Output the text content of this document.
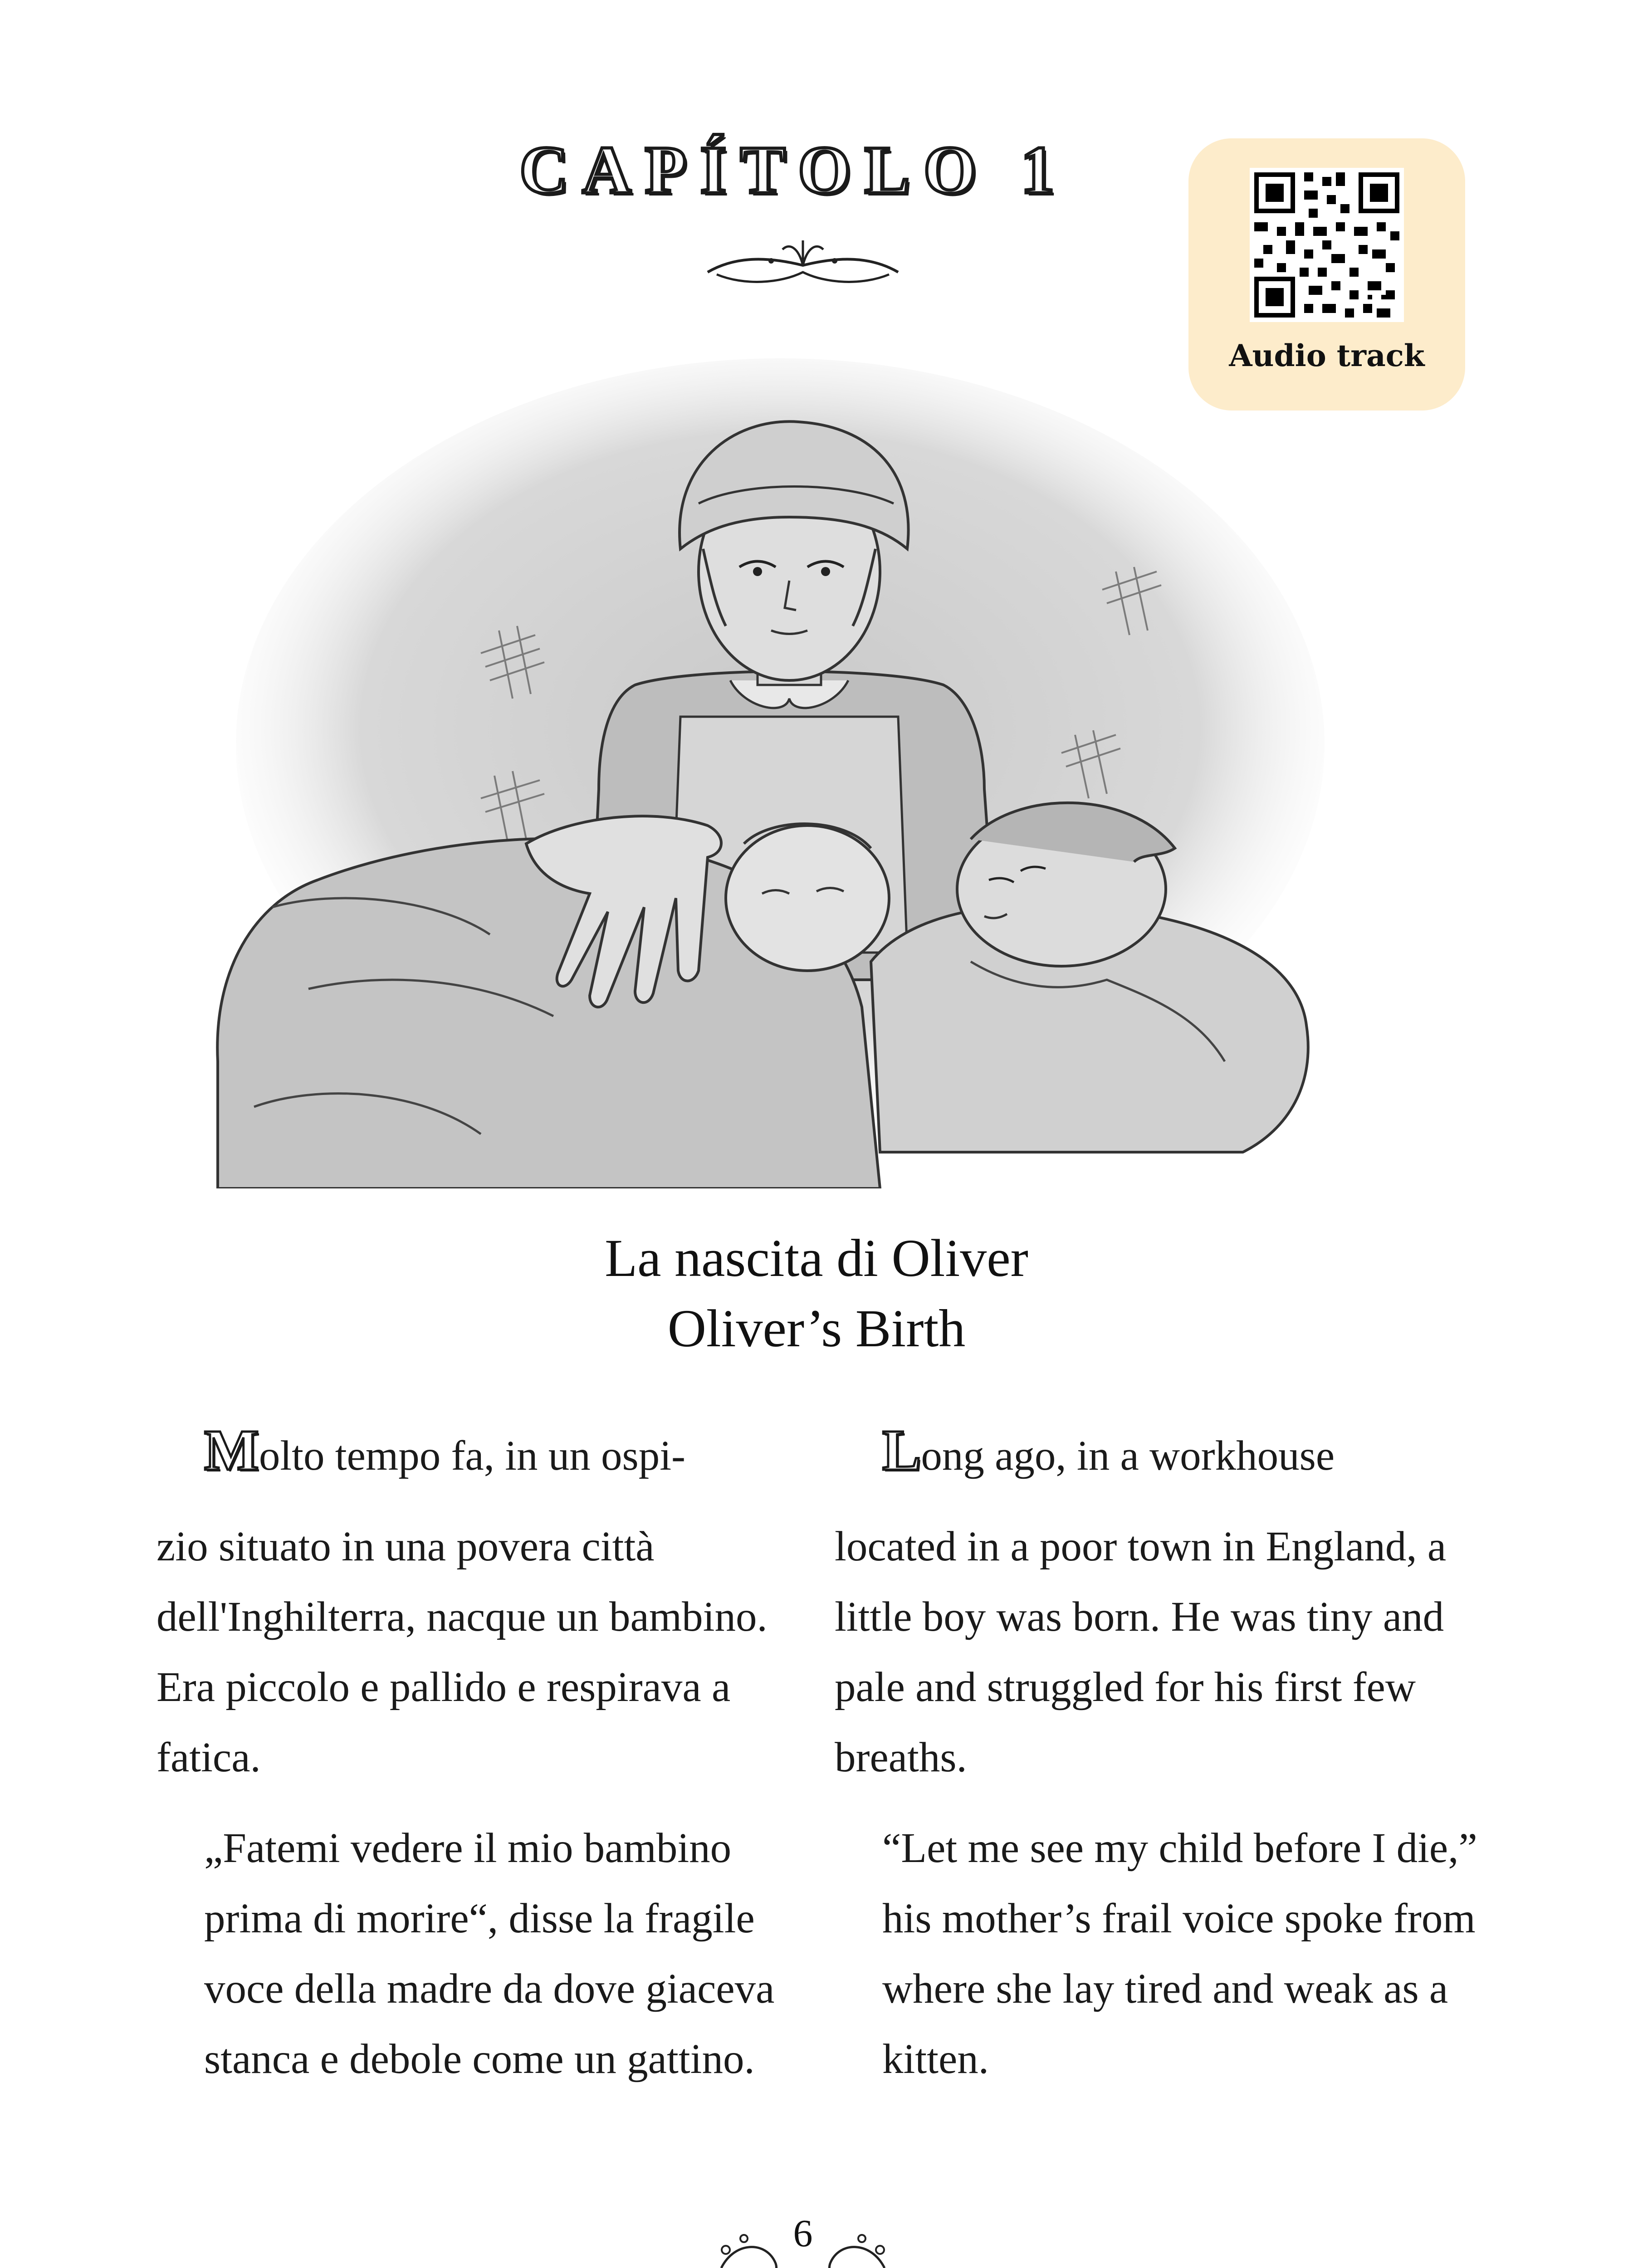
CAPÍTOLO 1
Audio track
La nascita di Oliver
Oliver’s Birth
Molto tempo fa, in un ospi-
zio situato in una povera città dell'Inghilterra, nacque un bambino. Era piccolo e pallido e respirava a fatica.
„Fatemi vedere il mio bambino prima di morire“, disse la fragile voce della madre da dove giaceva stanca e debole come un gattino.
Long ago, in a workhouse
located in a poor town in England, a little boy was born. He was tiny and pale and struggled for his first few breaths.
“Let me see my child before I die,” his mother’s frail voice spoke from where she lay tired and weak as a kitten.
6
